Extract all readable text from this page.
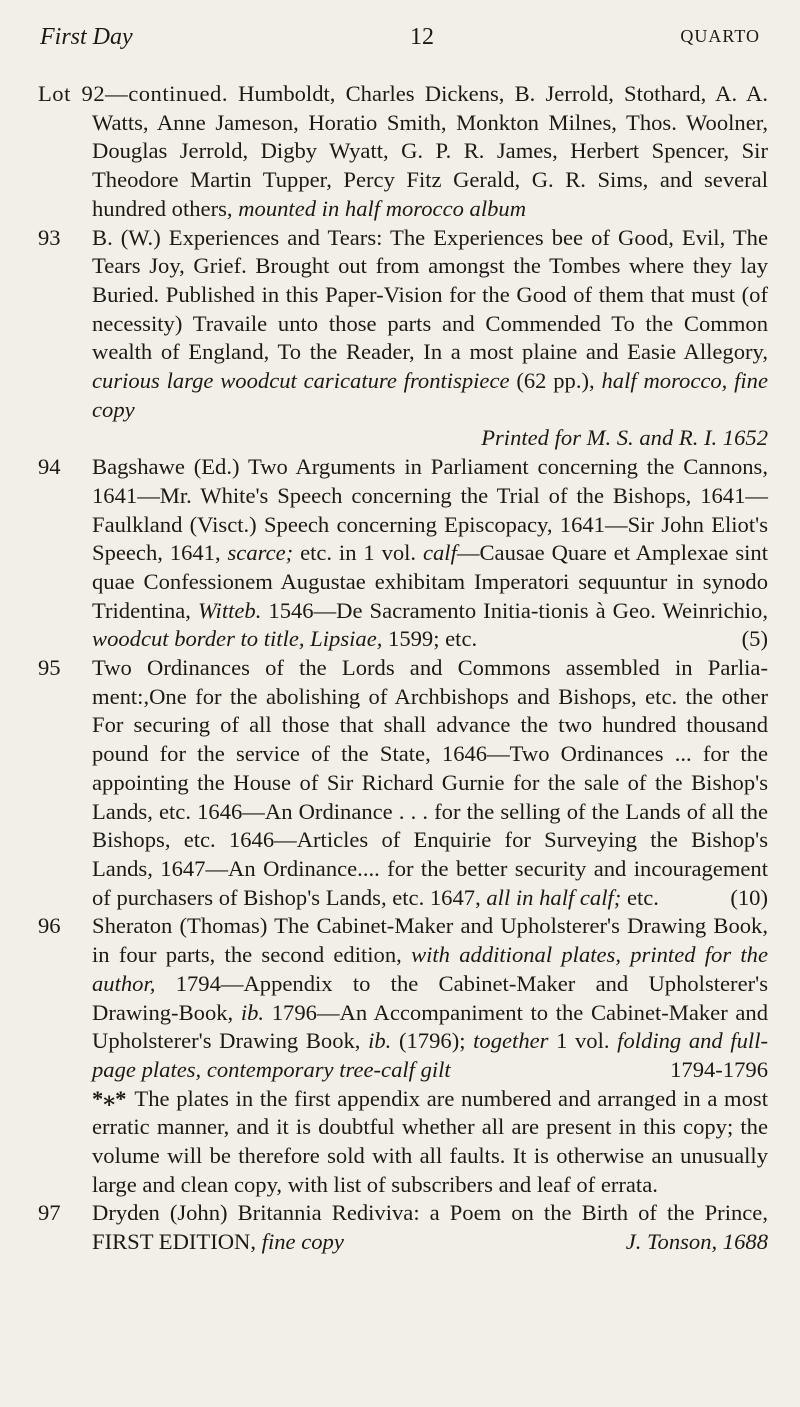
First Day	12	QUARTO
Lot 92—continued. Humboldt, Charles Dickens, B. Jerrold, Stothard, A. A. Watts, Anne Jameson, Horatio Smith, Monkton Milnes, Thos. Woolner, Douglas Jerrold, Digby Wyatt, G. P. R. James, Herbert Spencer, Sir Theodore Martin Tupper, Percy Fitz Gerald, G. R. Sims, and several hundred others, mounted in half morocco album
93 B. (W.) Experiences and Tears: The Experiences bee of Good, Evil, The Tears Joy, Grief. Brought out from amongst the Tombes where they lay Buried. Published in this Paper-Vision for the Good of them that must (of necessity) Travaile unto those parts and Commended To the Common wealth of England, To the Reader, In a most plaine and Easie Allegory, curious large woodcut caricature frontispiece (62 pp.), half morocco, fine copy
Printed for M. S. and R. I. 1652
94 Bagshawe (Ed.) Two Arguments in Parliament concerning the Cannons, 1641—Mr. White's Speech concerning the Trial of the Bishops, 1641—Faulkland (Visct.) Speech concerning Episcopacy, 1641—Sir John Eliot's Speech, 1641, scarce; etc. in 1 vol. calf—Causae Quare et Amplexae sint quae Confessionem Augustae exhibitam Imperatori sequuntur in synodo Tridentina, Witteb. 1546—De Sacramento Initia-tionis à Geo. Weinrichio, woodcut border to title, Lipsiae, 1599; etc.	(5)
95 Two Ordinances of the Lords and Commons assembled in Parlia-ment:,One for the abolishing of Archbishops and Bishops, etc. the other For securing of all those that shall advance the two hundred thousand pound for the service of the State, 1646—Two Ordinances ... for the appointing the House of Sir Richard Gurnie for the sale of the Bishop's Lands, etc. 1646—An Ordinance . . . for the selling of the Lands of all the Bishops, etc. 1646—Articles of Enquirie for Surveying the Bishop's Lands, 1647—An Ordinance.... for the better security and incouragement of purchasers of Bishop's Lands, etc. 1647, all in half calf; etc.	(10)
96 Sheraton (Thomas) The Cabinet-Maker and Upholsterer's Drawing Book, in four parts, the second edition, with additional plates, printed for the author, 1794—Appendix to the Cabinet-Maker and Upholsterer's Drawing-Book, ib. 1796—An Accompaniment to the Cabinet-Maker and Upholsterer's Drawing Book, ib. (1796); together 1 vol. folding and full-page plates, contemporary tree-calf gilt	1794-1796
*⁎* The plates in the first appendix are numbered and arranged in a most erratic manner, and it is doubtful whether all are present in this copy; the volume will be therefore sold with all faults. It is otherwise an unusually large and clean copy, with list of subscribers and leaf of errata.
97 Dryden (John) Britannia Rediviva: a Poem on the Birth of the Prince, FIRST EDITION, fine copy	J. Tonson, 1688
